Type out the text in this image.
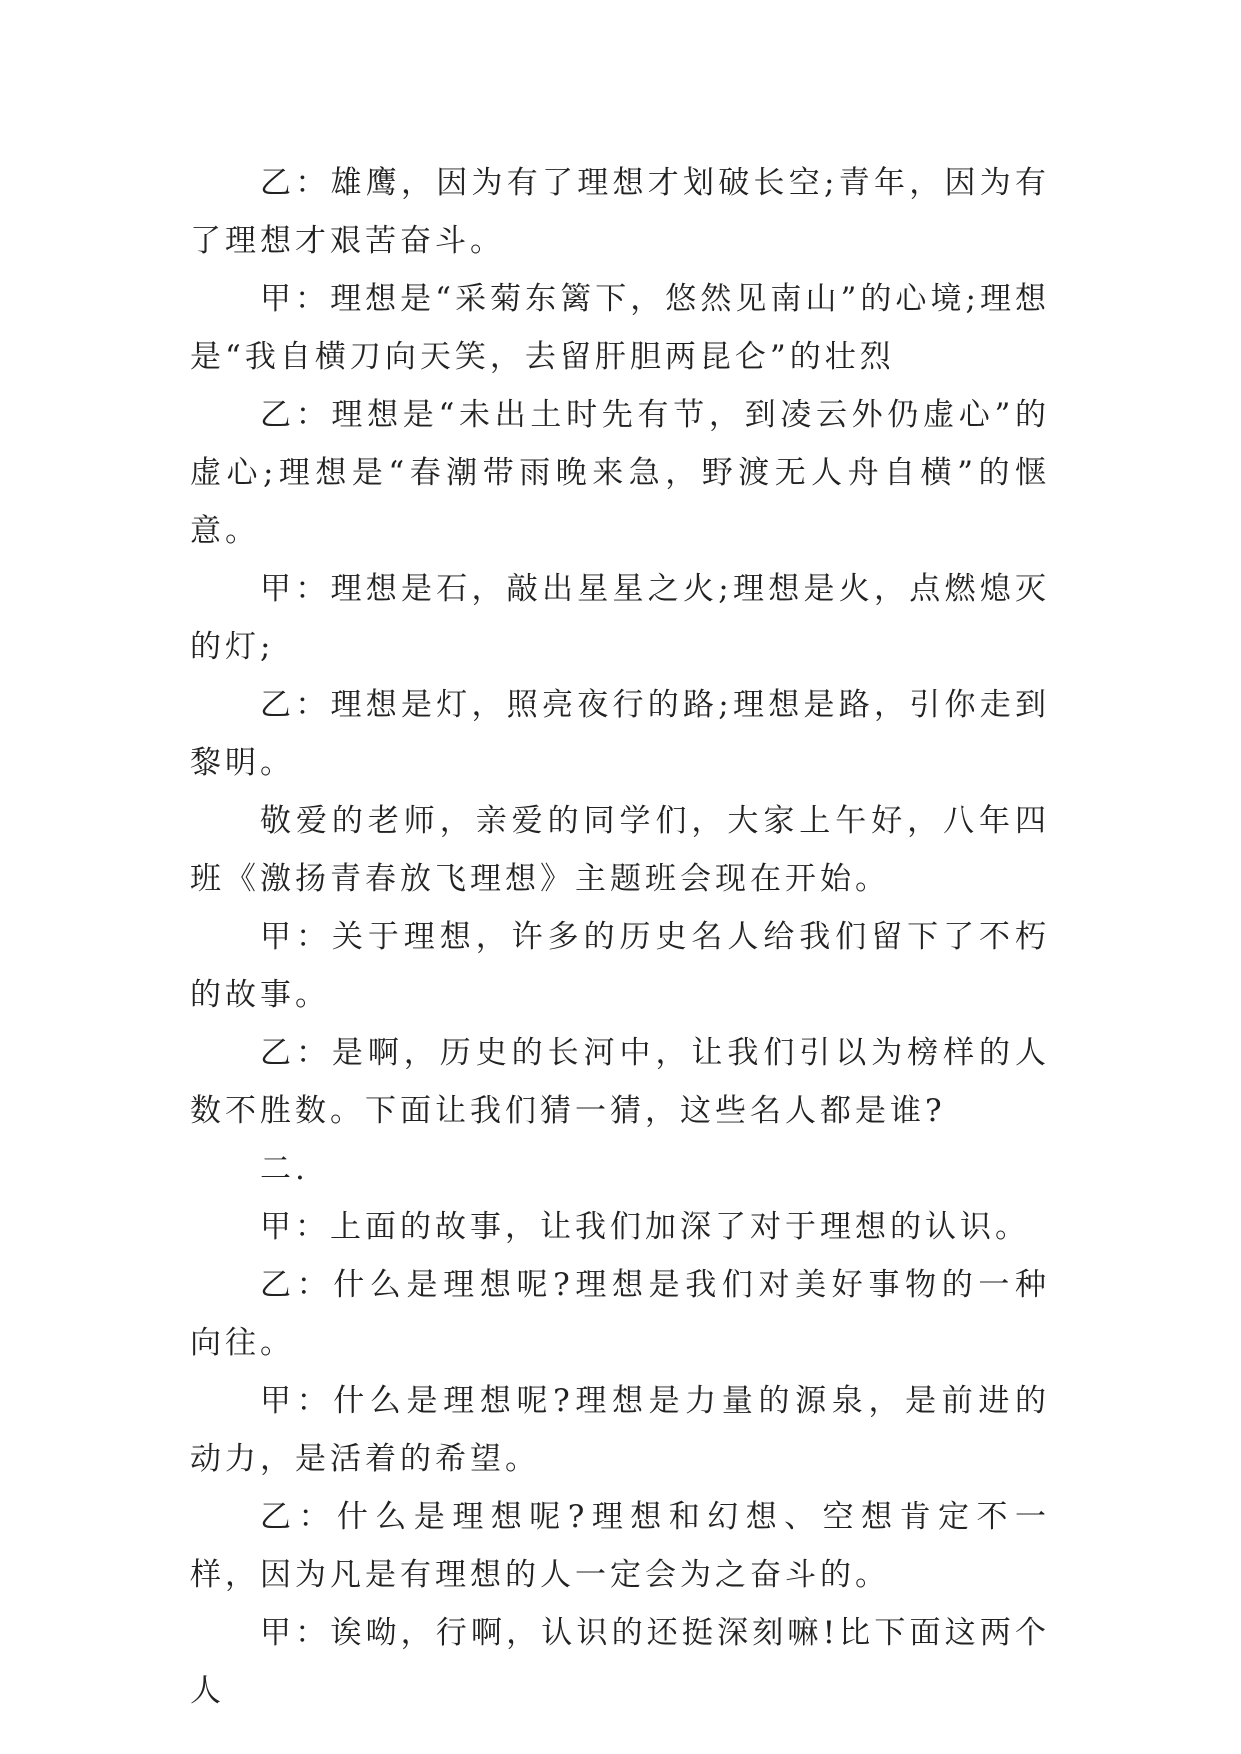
乙：雄鹰，因为有了理想才划破长空;青年，因为有了理想才艰苦奋斗。

甲：理想是“采菊东篱下，悠然见南山”的心境;理想是“我自横刀向天笑，去留肝胆两昆仑”的壮烈

乙：理想是“未出土时先有节，到凌云外仍虚心”的虚心;理想是“春潮带雨晚来急，野渡无人舟自横”的惬意。

甲：理想是石，敲出星星之火;理想是火，点燃熄灭的灯;

乙：理想是灯，照亮夜行的路;理想是路，引你走到黎明。

敬爱的老师，亲爱的同学们，大家上午好，八年四班《激扬青春放飞理想》主题班会现在开始。

甲：关于理想，许多的历史名人给我们留下了不朽的故事。

乙：是啊，历史的长河中，让我们引以为榜样的人数不胜数。下面让我们猜一猜，这些名人都是谁?

二.

甲：上面的故事，让我们加深了对于理想的认识。

乙：什么是理想呢?理想是我们对美好事物的一种向往。

甲：什么是理想呢?理想是力量的源泉，是前进的动力，是活着的希望。

乙：什么是理想呢?理想和幻想、空想肯定不一样，因为凡是有理想的人一定会为之奋斗的。

甲：诶呦，行啊，认识的还挺深刻嘛!比下面这两个人
